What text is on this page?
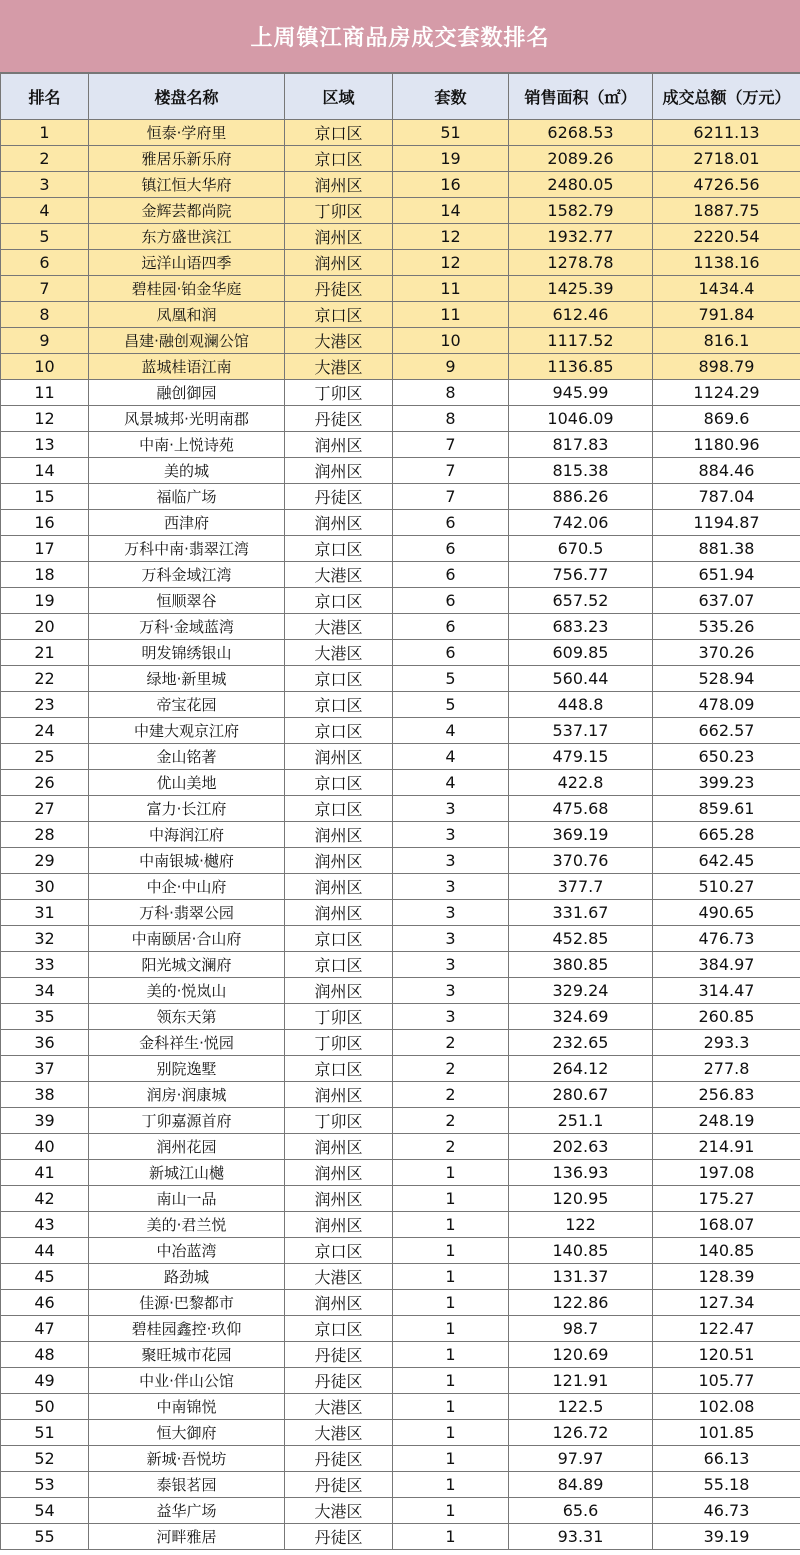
上周镇江商品房成交套数排名
排名	楼盘名称	区域	套数	销售面积（㎡）	成交总额（万元）
1	恒泰·学府里	京口区	51	6268.53	6211.13
2	雅居乐新乐府	京口区	19	2089.26	2718.01
3	镇江恒大华府	润州区	16	2480.05	4726.56
4	金辉芸都尚院	丁卯区	14	1582.79	1887.75
5	东方盛世滨江	润州区	12	1932.77	2220.54
6	远洋山语四季	润州区	12	1278.78	1138.16
7	碧桂园·铂金华庭	丹徒区	11	1425.39	1434.4
8	凤凰和润	京口区	11	612.46	791.84
9	昌建·融创观澜公馆	大港区	10	1117.52	816.1
10	蓝城桂语江南	大港区	9	1136.85	898.79
11	融创御园	丁卯区	8	945.99	1124.29
12	风景城邦·光明南郡	丹徒区	8	1046.09	869.6
13	中南·上悦诗苑	润州区	7	817.83	1180.96
14	美的城	润州区	7	815.38	884.46
15	福临广场	丹徒区	7	886.26	787.04
16	西津府	润州区	6	742.06	1194.87
17	万科中南·翡翠江湾	京口区	6	670.5	881.38
18	万科金域江湾	大港区	6	756.77	651.94
19	恒顺翠谷	京口区	6	657.52	637.07
20	万科·金域蓝湾	大港区	6	683.23	535.26
21	明发锦绣银山	大港区	6	609.85	370.26
22	绿地·新里城	京口区	5	560.44	528.94
23	帝宝花园	京口区	5	448.8	478.09
24	中建大观京江府	京口区	4	537.17	662.57
25	金山铭著	润州区	4	479.15	650.23
26	优山美地	京口区	4	422.8	399.23
27	富力·长江府	京口区	3	475.68	859.61
28	中海润江府	润州区	3	369.19	665.28
29	中南银城·樾府	润州区	3	370.76	642.45
30	中企·中山府	润州区	3	377.7	510.27
31	万科·翡翠公园	润州区	3	331.67	490.65
32	中南颐居·合山府	京口区	3	452.85	476.73
33	阳光城文澜府	京口区	3	380.85	384.97
34	美的·悦岚山	润州区	3	329.24	314.47
35	领东天第	丁卯区	3	324.69	260.85
36	金科祥生·悦园	丁卯区	2	232.65	293.3
37	别院逸墅	京口区	2	264.12	277.8
38	润房·润康城	润州区	2	280.67	256.83
39	丁卯嘉源首府	丁卯区	2	251.1	248.19
40	润州花园	润州区	2	202.63	214.91
41	新城江山樾	润州区	1	136.93	197.08
42	南山一品	润州区	1	120.95	175.27
43	美的·君兰悦	润州区	1	122	168.07
44	中冶蓝湾	京口区	1	140.85	140.85
45	路劲城	大港区	1	131.37	128.39
46	佳源·巴黎都市	润州区	1	122.86	127.34
47	碧桂园鑫控·玖仰	京口区	1	98.7	122.47
48	聚旺城市花园	丹徒区	1	120.69	120.51
49	中业·伴山公馆	丹徒区	1	121.91	105.77
50	中南锦悦	大港区	1	122.5	102.08
51	恒大御府	大港区	1	126.72	101.85
52	新城·吾悦坊	丹徒区	1	97.97	66.13
53	泰银茗园	丹徒区	1	84.89	55.18
54	益华广场	大港区	1	65.6	46.73
55	河畔雅居	丹徒区	1	93.31	39.19
